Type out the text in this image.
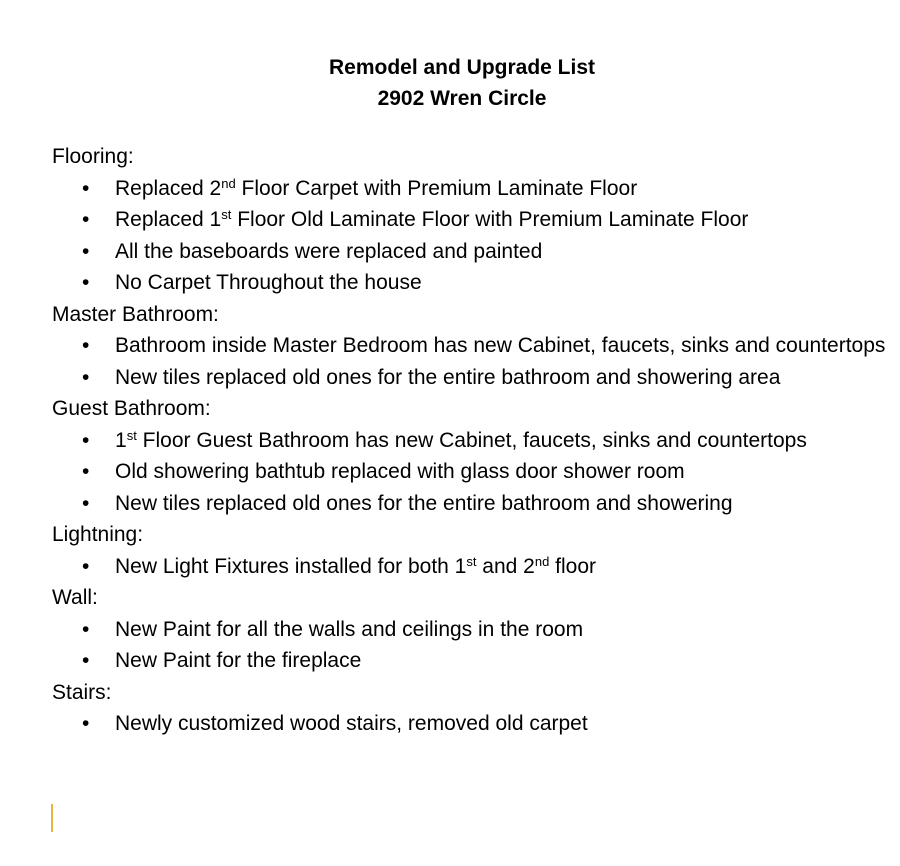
Remodel and Upgrade List
2902 Wren Circle

Flooring:

• Replaced 2nd Floor Carpet with Premium Laminate Floor
• Replaced 1st Floor Old Laminate Floor with Premium Laminate Floor
• All the baseboards were replaced and painted
• No Carpet Throughout the house

Master Bathroom:

• Bathroom inside Master Bedroom has new Cabinet, faucets, sinks and countertops
• New tiles replaced old ones for the entire bathroom and showering area

Guest Bathroom:

• 1st Floor Guest Bathroom has new Cabinet, faucets, sinks and countertops
• Old showering bathtub replaced with glass door shower room
• New tiles replaced old ones for the entire bathroom and showering

Lightning:

• New Light Fixtures installed for both 1st and 2nd floor

Wall:

• New Paint for all the walls and ceilings in the room
• New Paint for the fireplace

Stairs:

• Newly customized wood stairs, removed old carpet
